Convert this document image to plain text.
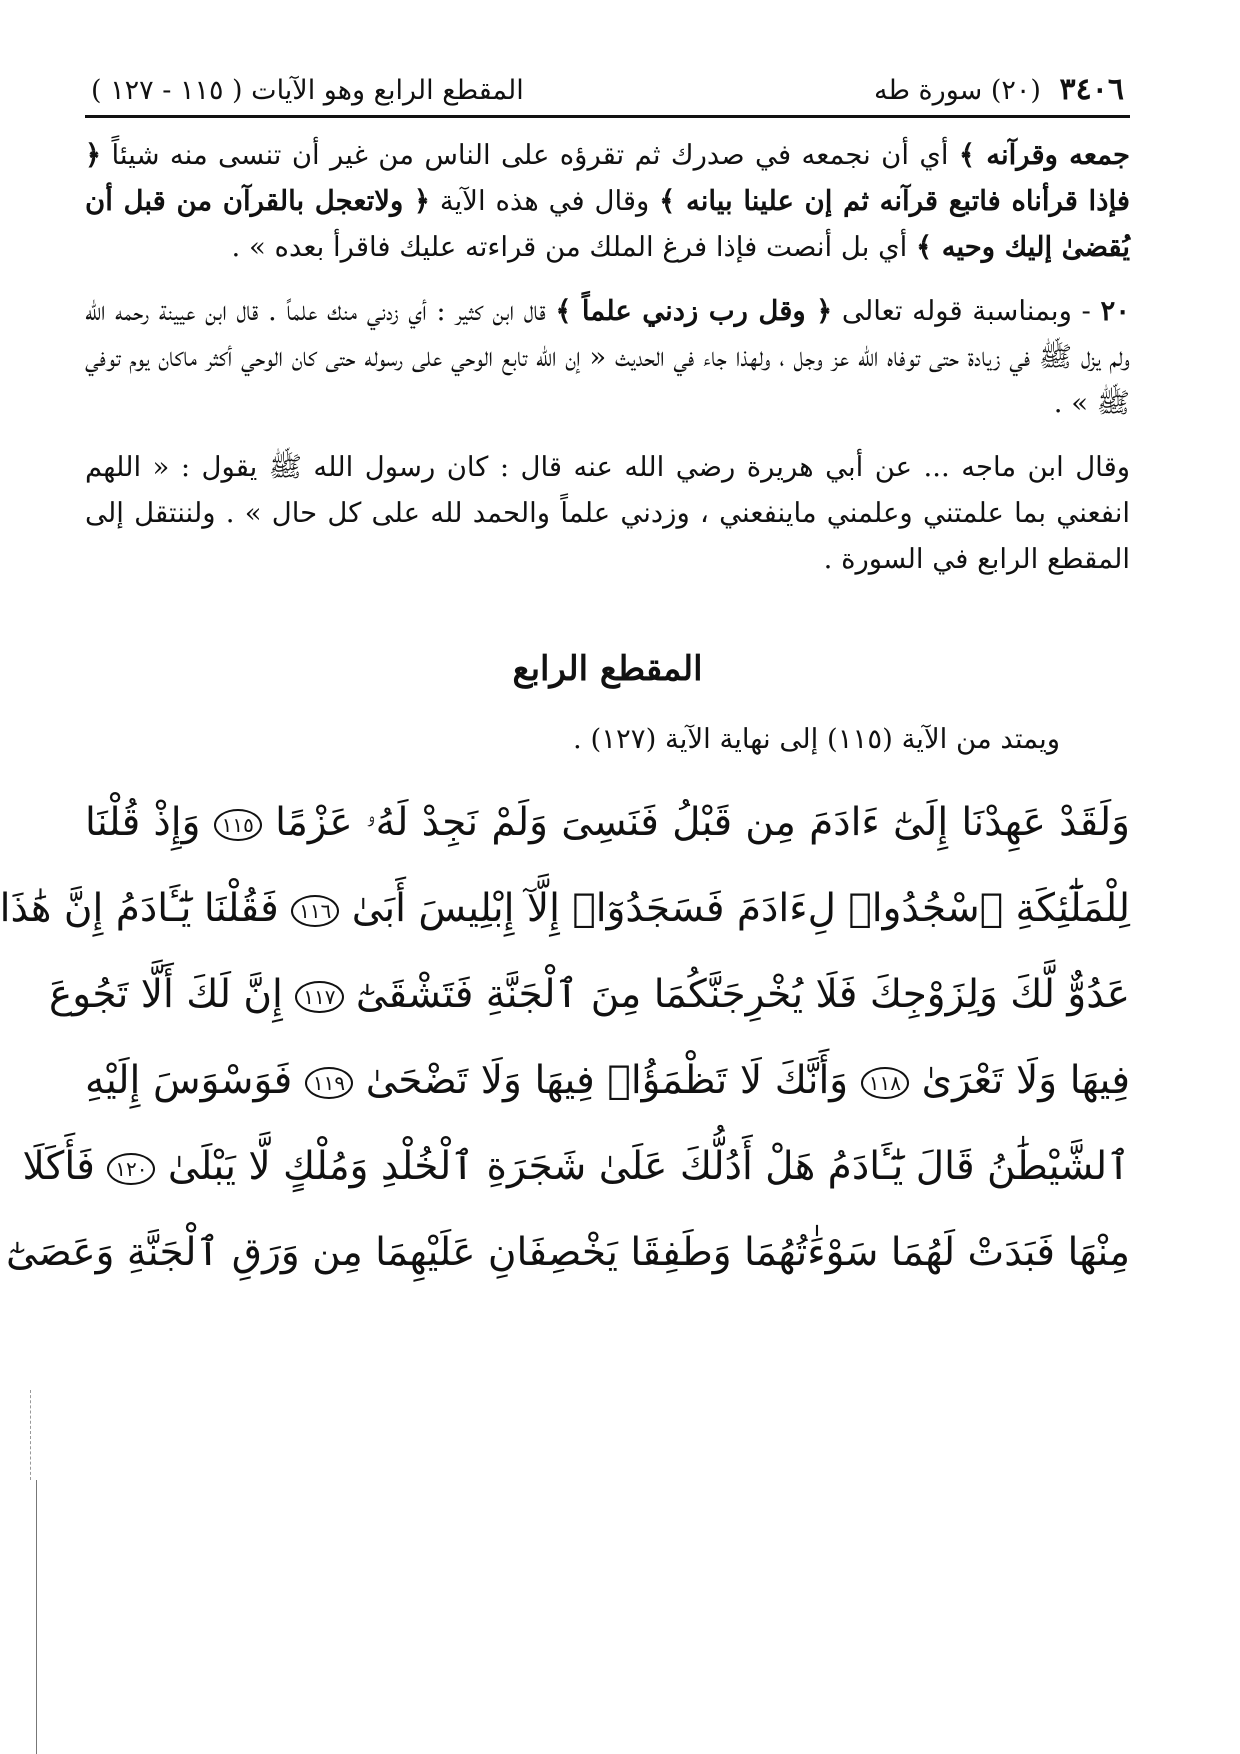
٣٤٠٦ (٢٠) سورة طه
المقطع الرابع وهو الآيات ( ١١٥ - ١٢٧ )

جمعه وقرآنه ﴾ أي أن نجمعه في صدرك ثم تقرؤه على الناس من غير أن تنسى منه شيئاً ﴿ فإذا قرأناه فاتبع قرآنه ثم إن علينا بيانه ﴾ وقال في هذه الآية ﴿ ولاتعجل بالقرآن من قبل أن يُقضىٰ إليك وحيه ﴾ أي بل أنصت فإذا فرغ الملك من قراءته عليك فاقرأ بعده » .

٢٠ - وبمناسبة قوله تعالى ﴿ وقل رب زدني علماً ﴾ قال ابن كثير : أي زدني منك علماً . قال ابن عيينة رحمه الله ولم يزل ﷺ في زيادة حتى توفاه الله عز وجل ، ولهذا جاء في الحديث « إن الله تابع الوحي على رسوله حتى كان الوحي أكثر ماكان يوم توفي ﷺ » .

وقال ابن ماجه ... عن أبي هريرة رضي الله عنه قال : كان رسول الله ﷺ يقول : « اللهم انفعني بما علمتني وعلمني ماينفعني ، وزدني علماً والحمد لله على كل حال » . ولننتقل إلى المقطع الرابع في السورة .

المقطع الرابع
ويمتد من الآية (١١٥) إلى نهاية الآية (١٢٧) .
وَلَقَدْ عَهِدْنَا إِلَىٰٓ ءَادَمَ مِن قَبْلُ فَنَسِىَ وَلَمْ نَجِدْ لَهُۥ عَزْمًا ١١٥ وَإِذْ قُلْنَا
لِلْمَلَٰٓئِكَةِ ٱسْجُدُوا۟ لِءَادَمَ فَسَجَدُوٓا۟ إِلَّآ إِبْلِيسَ أَبَىٰ ١١٦ فَقُلْنَا يَٰٓـَٔادَمُ إِنَّ هَٰذَا
عَدُوٌّ لَّكَ وَلِزَوْجِكَ فَلَا يُخْرِجَنَّكُمَا مِنَ ٱلْجَنَّةِ فَتَشْقَىٰٓ ١١٧ إِنَّ لَكَ أَلَّا تَجُوعَ
فِيهَا وَلَا تَعْرَىٰ ١١٨ وَأَنَّكَ لَا تَظْمَؤُا۟ فِيهَا وَلَا تَضْحَىٰ ١١٩ فَوَسْوَسَ إِلَيْهِ
ٱلشَّيْطَٰنُ قَالَ يَٰٓـَٔادَمُ هَلْ أَدُلُّكَ عَلَىٰ شَجَرَةِ ٱلْخُلْدِ وَمُلْكٍ لَّا يَبْلَىٰ ١٢٠ فَأَكَلَا
مِنْهَا فَبَدَتْ لَهُمَا سَوْءَٰتُهُمَا وَطَفِقَا يَخْصِفَانِ عَلَيْهِمَا مِن وَرَقِ ٱلْجَنَّةِ وَعَصَىٰٓ
